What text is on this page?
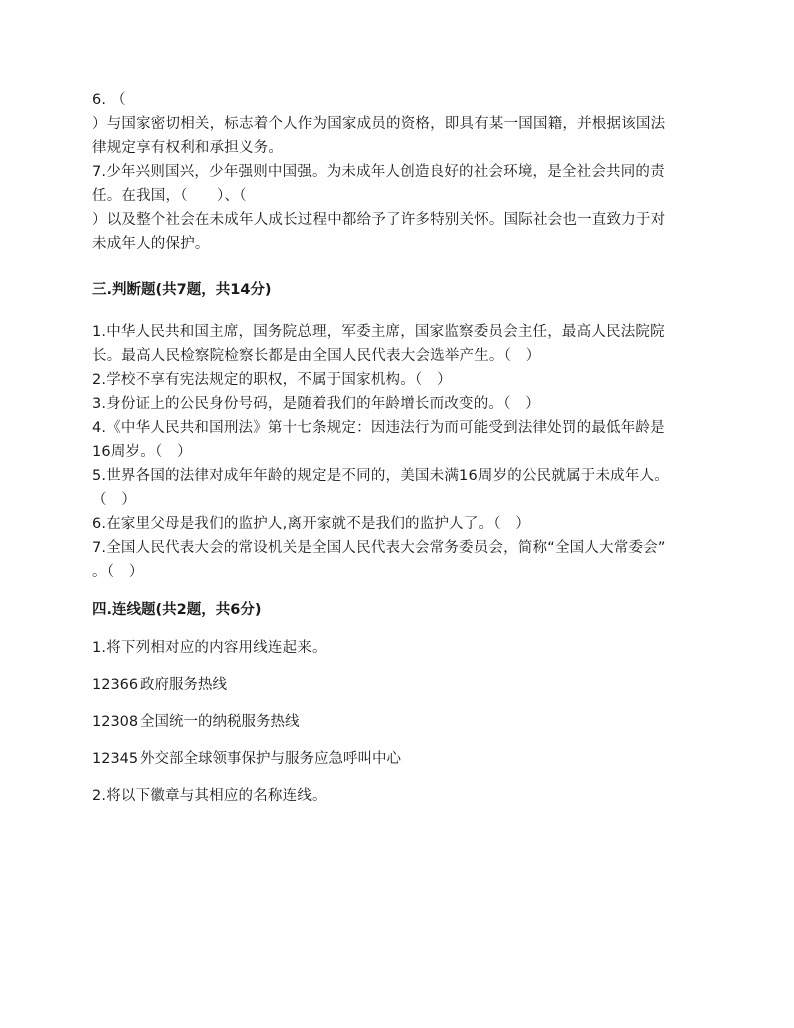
6. （
）与国家密切相关，标志着个人作为国家成员的资格，即具有某一国国籍，并根据该国法
律规定享有权利和承担义务。
7.少年兴则国兴，少年强则中国强。为未成年人创造良好的社会环境，是全社会共同的责
任。在我国，（　　）、（
）以及整个社会在未成年人成长过程中都给予了许多特别关怀。国际社会也一直致力于对
未成年人的保护。
三.判断题(共7题，共14分)
1.中华人民共和国主席，国务院总理，军委主席，国家监察委员会主任，最高人民法院院
长。最高人民检察院检察长都是由全国人民代表大会选举产生。（　）
2.学校不享有宪法规定的职权，不属于国家机构。（　）
3.身份证上的公民身份号码，是随着我们的年龄增长而改变的。（　）
4.《中华人民共和国刑法》第十七条规定：因违法行为而可能受到法律处罚的最低年龄是
16周岁。（　）
5.世界各国的法律对成年年龄的规定是不同的，美国未满16周岁的公民就属于未成年人。
（　）
6.在家里父母是我们的监护人,离开家就不是我们的监护人了。（　）
7.全国人民代表大会的常设机关是全国人民代表大会常务委员会，简称“全国人大常委会”
。（　）
四.连线题(共2题，共6分)
1.将下列相对应的内容用线连起来。
12366 政府服务热线
12308 全国统一的纳税服务热线
12345 外交部全球领事保护与服务应急呼叫中心
2.将以下徽章与其相应的名称连线。
